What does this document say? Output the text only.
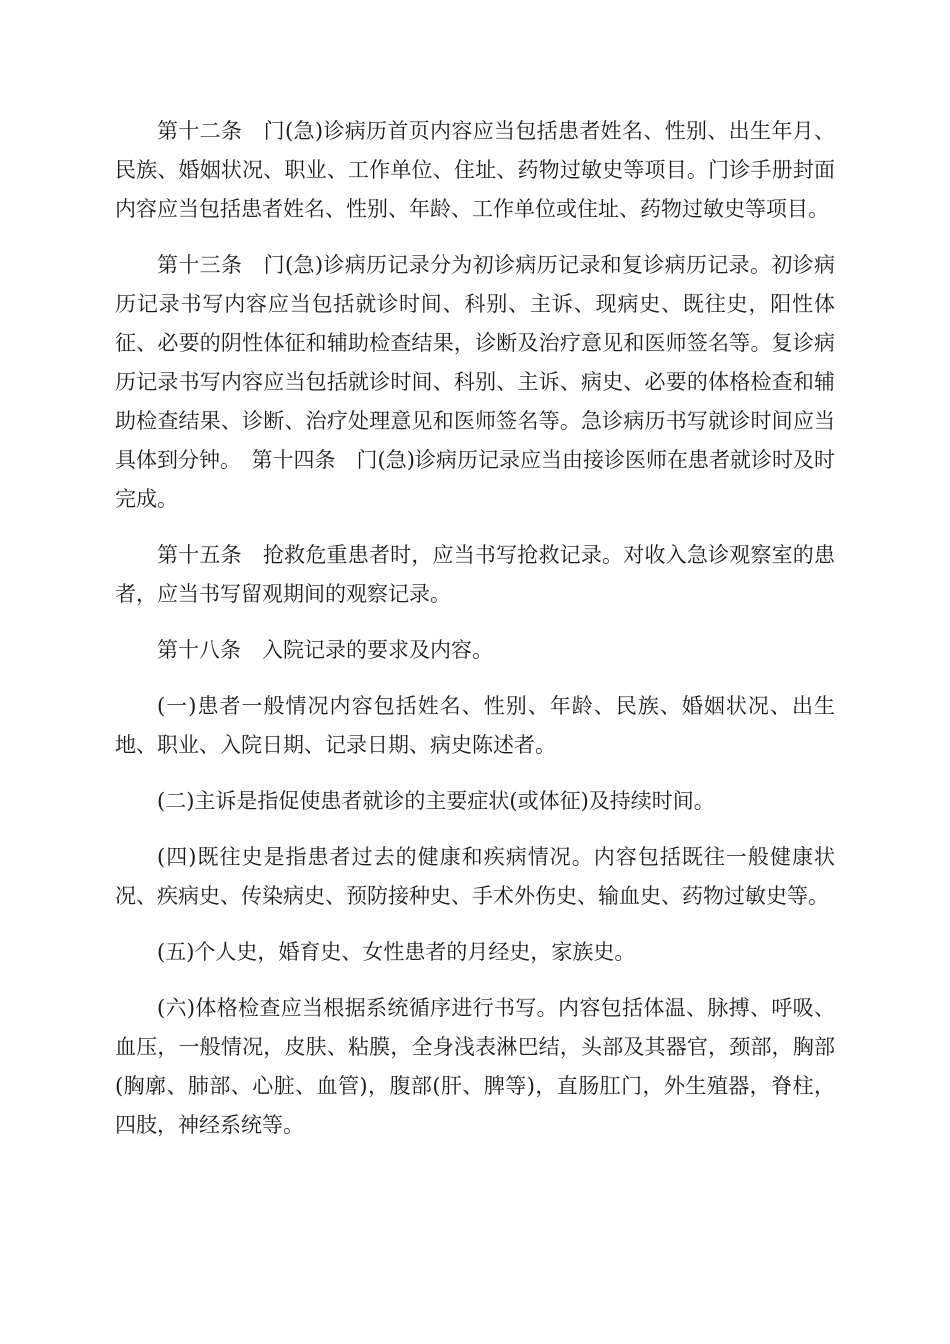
第十二条　门(急)诊病历首页内容应当包括患者姓名、性别、出生年月、民族、婚姻状况、职业、工作单位、住址、药物过敏史等项目。门诊手册封面内容应当包括患者姓名、性别、年龄、工作单位或住址、药物过敏史等项目。

第十三条　门(急)诊病历记录分为初诊病历记录和复诊病历记录。初诊病历记录书写内容应当包括就诊时间、科别、主诉、现病史、既往史，阳性体征、必要的阴性体征和辅助检查结果，诊断及治疗意见和医师签名等。复诊病历记录书写内容应当包括就诊时间、科别、主诉、病史、必要的体格检查和辅助检查结果、诊断、治疗处理意见和医师签名等。急诊病历书写就诊时间应当具体到分钟。　第十四条　门(急)诊病历记录应当由接诊医师在患者就诊时及时完成。

第十五条　抢救危重患者时，应当书写抢救记录。对收入急诊观察室的患者，应当书写留观期间的观察记录。

第十八条　入院记录的要求及内容。

(一)患者一般情况内容包括姓名、性别、年龄、民族、婚姻状况、出生地、职业、入院日期、记录日期、病史陈述者。

(二)主诉是指促使患者就诊的主要症状(或体征)及持续时间。

(四)既往史是指患者过去的健康和疾病情况。内容包括既往一般健康状况、疾病史、传染病史、预防接种史、手术外伤史、输血史、药物过敏史等。

(五)个人史，婚育史、女性患者的月经史，家族史。

(六)体格检查应当根据系统循序进行书写。内容包括体温、脉搏、呼吸、血压，一般情况，皮肤、粘膜，全身浅表淋巴结，头部及其器官，颈部，胸部(胸廓、肺部、心脏、血管)，腹部(肝、脾等)，直肠肛门，外生殖器，脊柱，四肢，神经系统等。
